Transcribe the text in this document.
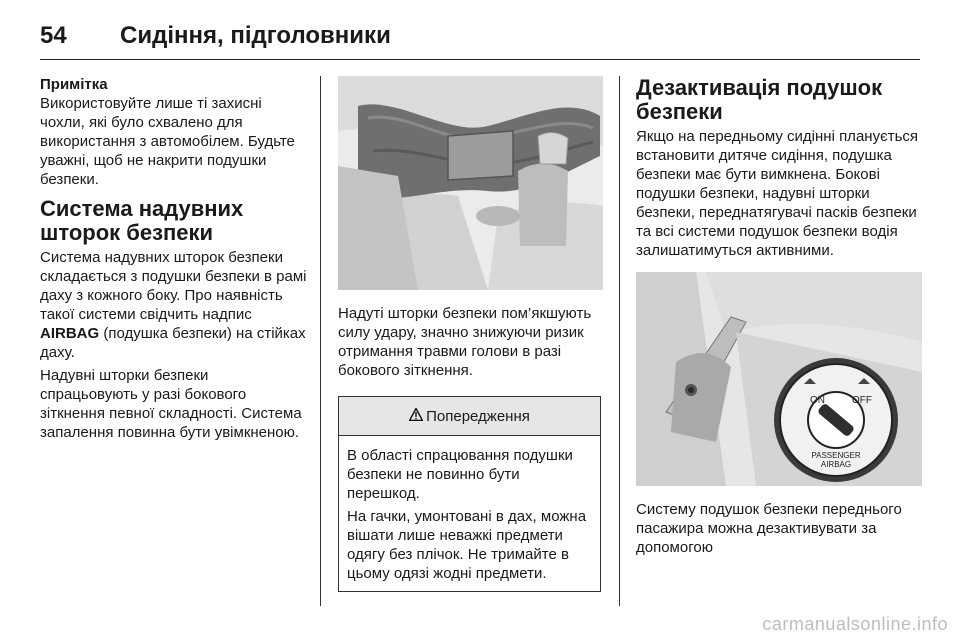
54 Сидіння, підголовники
Примітка

Використовуйте лише ті захисні чохли, які було схвалено для використання з автомобілем. Будьте уважні, щоб не накрити подушки безпеки.

Система надувних шторок безпеки

Система надувних шторок безпеки складається з подушки безпеки в рамі даху з кожного боку. Про наявність такої системи свідчить надпис AIRBAG (подушка безпеки) на стійках даху.

Надувні шторки безпеки спрацьовують у разі бокового зіткнення певної складності. Система запалення повинна бути увімкненою.

Надуті шторки безпеки пом’якшують силу удару, значно знижуючи ризик отримання травми голови в разі бокового зіткнення.

Попередження

В області спрацювання подушки безпеки не повинно бути перешкод.

На гачки, умонтовані в дах, можна вішати лише неважкі предмети одягу без плічок. Не тримайте в цьому одязі жодні предмети.

Дезактивація подушок безпеки

Якщо на передньому сидінні планується встановити дитяче сидіння, подушка безпеки має бути вимкнена. Бокові подушки безпеки, надувні шторки безпеки, переднатягувачі пасків безпеки та всі системи подушок безпеки водія залишатимуться активними.

ON	OFF
PASSENGER
AIRBAG

Систему подушок безпеки переднього пасажира можна дезактивувати за допомогою

carmanualsonline.info
